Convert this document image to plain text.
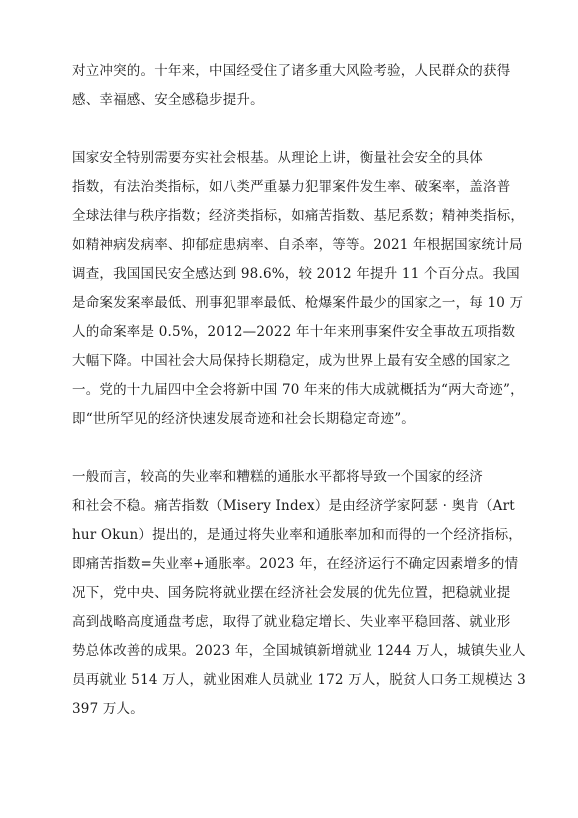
对立冲突的。十年来，中国经受住了诸多重大风险考验，人民群众的获得
感、幸福感、安全感稳步提升。
国家安全特别需要夯实社会根基。从理论上讲，衡量社会安全的具体
指数，有法治类指标，如八类严重暴力犯罪案件发生率、破案率，盖洛普
全球法律与秩序指数；经济类指标，如痛苦指数、基尼系数；精神类指标，
如精神病发病率、抑郁症患病率、自杀率，等等。2021 年根据国家统计局
调查，我国国民安全感达到 98.6%，较 2012 年提升 11 个百分点。我国
是命案发案率最低、刑事犯罪率最低、枪爆案件最少的国家之一，每 10 万
人的命案率是 0.5%，2012—2022 年十年来刑事案件安全事故五项指数
大幅下降。中国社会大局保持长期稳定，成为世界上最有安全感的国家之
一。党的十九届四中全会将新中国 70 年来的伟大成就概括为“两大奇迹”，
即“世所罕见的经济快速发展奇迹和社会长期稳定奇迹”。
一般而言，较高的失业率和糟糕的通胀水平都将导致一个国家的经济
和社会不稳。痛苦指数（Misery Index）是由经济学家阿瑟 · 奥肯（Art
hur Okun）提出的，是通过将失业率和通胀率加和而得的一个经济指标，
即痛苦指数=失业率+通胀率。2023 年，在经济运行不确定因素增多的情
况下，党中央、国务院将就业摆在经济社会发展的优先位置，把稳就业提
高到战略高度通盘考虑，取得了就业稳定增长、失业率平稳回落、就业形
势总体改善的成果。2023 年，全国城镇新增就业 1244 万人，城镇失业人
员再就业 514 万人，就业困难人员就业 172 万人，脱贫人口务工规模达 3
397 万人。
